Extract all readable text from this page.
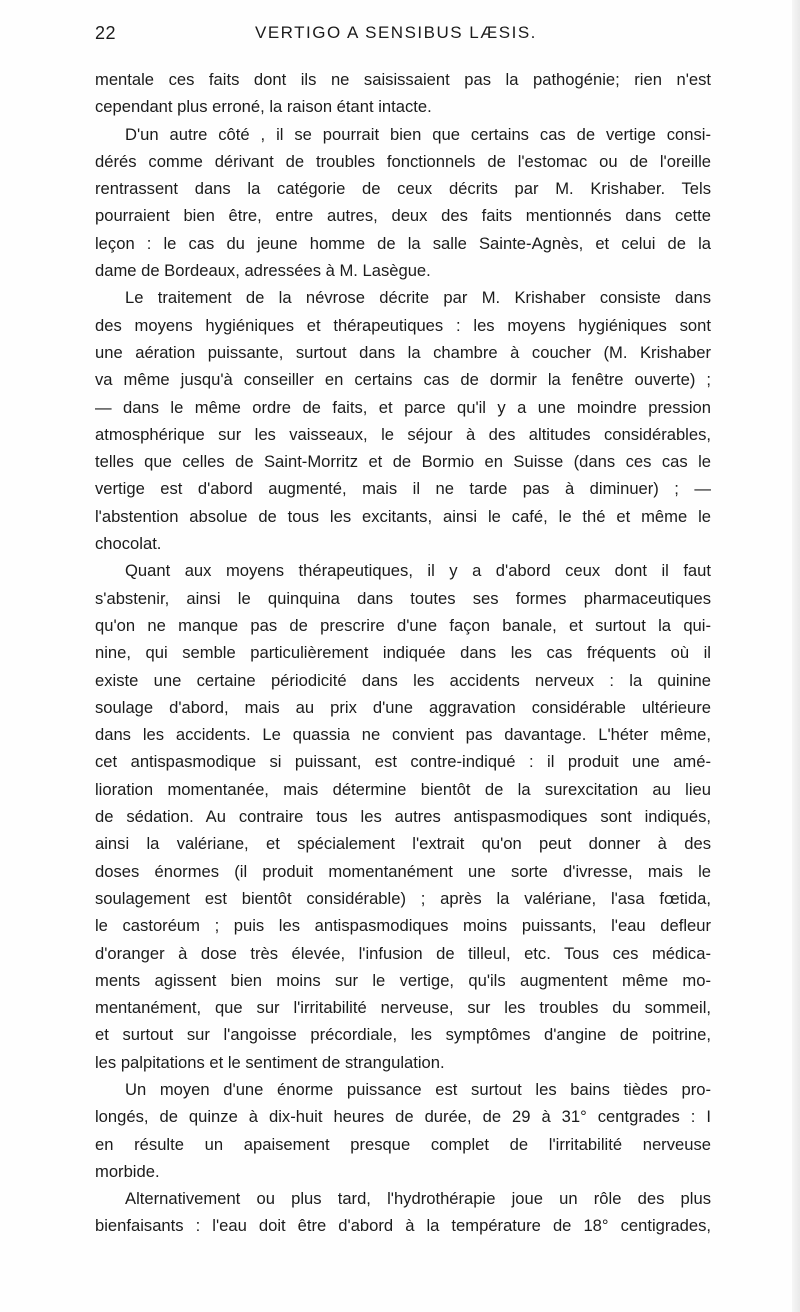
22	VERTIGO A SENSIBUS LÆSIS.
mentale ces faits dont ils ne saisissaient pas la pathogénie; rien n'est
cependant plus erroné, la raison étant intacte.
D'un autre côté , il se pourrait bien que certains cas de vertige consi-
dérés comme dérivant de troubles fonctionnels de l'estomac ou de l'oreille
rentrassent dans la catégorie de ceux décrits par M. Krishaber. Tels
pourraient bien être, entre autres, deux des faits mentionnés dans cette
leçon : le cas du jeune homme de la salle Sainte-Agnès, et celui de la
dame de Bordeaux, adressées à M. Lasègue.
Le traitement de la névrose décrite par M. Krishaber consiste dans
des moyens hygiéniques et thérapeutiques : les moyens hygiéniques sont
une aération puissante, surtout dans la chambre à coucher (M. Krishaber
va même jusqu'à conseiller en certains cas de dormir la fenêtre ouverte) ;
— dans le même ordre de faits, et parce qu'il y a une moindre pression
atmosphérique sur les vaisseaux, le séjour à des altitudes considérables,
telles que celles de Saint-Morritz et de Bormio en Suisse (dans ces cas le
vertige est d'abord augmenté, mais il ne tarde pas à diminuer) ; —
l'abstention absolue de tous les excitants, ainsi le café, le thé et même le
chocolat.
Quant aux moyens thérapeutiques, il y a d'abord ceux dont il faut
s'abstenir, ainsi le quinquina dans toutes ses formes pharmaceutiques
qu'on ne manque pas de prescrire d'une façon banale, et surtout la qui-
nine, qui semble particulièrement indiquée dans les cas fréquents où il
existe une certaine périodicité dans les accidents nerveux : la quinine
soulage d'abord, mais au prix d'une aggravation considérable ultérieure
dans les accidents. Le quassia ne convient pas davantage. L'héter même,
cet antispasmodique si puissant, est contre-indiqué : il produit une amé-
lioration momentanée, mais détermine bientôt de la surexcitation au lieu
de sédation. Au contraire tous les autres antispasmodiques sont indiqués,
ainsi la valériane, et spécialement l'extrait qu'on peut donner à des
doses énormes (il produit momentanément une sorte d'ivresse, mais le
soulagement est bientôt considérable) ; après la valériane, l'asa fœtida,
le castoréum ; puis les antispasmodiques moins puissants, l'eau defleur
d'oranger à dose très élevée, l'infusion de tilleul, etc. Tous ces médica-
ments agissent bien moins sur le vertige, qu'ils augmentent même mo-
mentanément, que sur l'irritabilité nerveuse, sur les troubles du sommeil,
et surtout sur l'angoisse précordiale, les symptômes d'angine de poitrine,
les palpitations et le sentiment de strangulation.
Un moyen d'une énorme puissance est surtout les bains tièdes pro-
longés, de quinze à dix-huit heures de durée, de 29 à 31° centgrades : I
en résulte un apaisement presque complet de l'irritabilité nerveuse
morbide.
Alternativement ou plus tard, l'hydrothérapie joue un rôle des plus
bienfaisants : l'eau doit être d'abord à la température de 18° centigrades,
